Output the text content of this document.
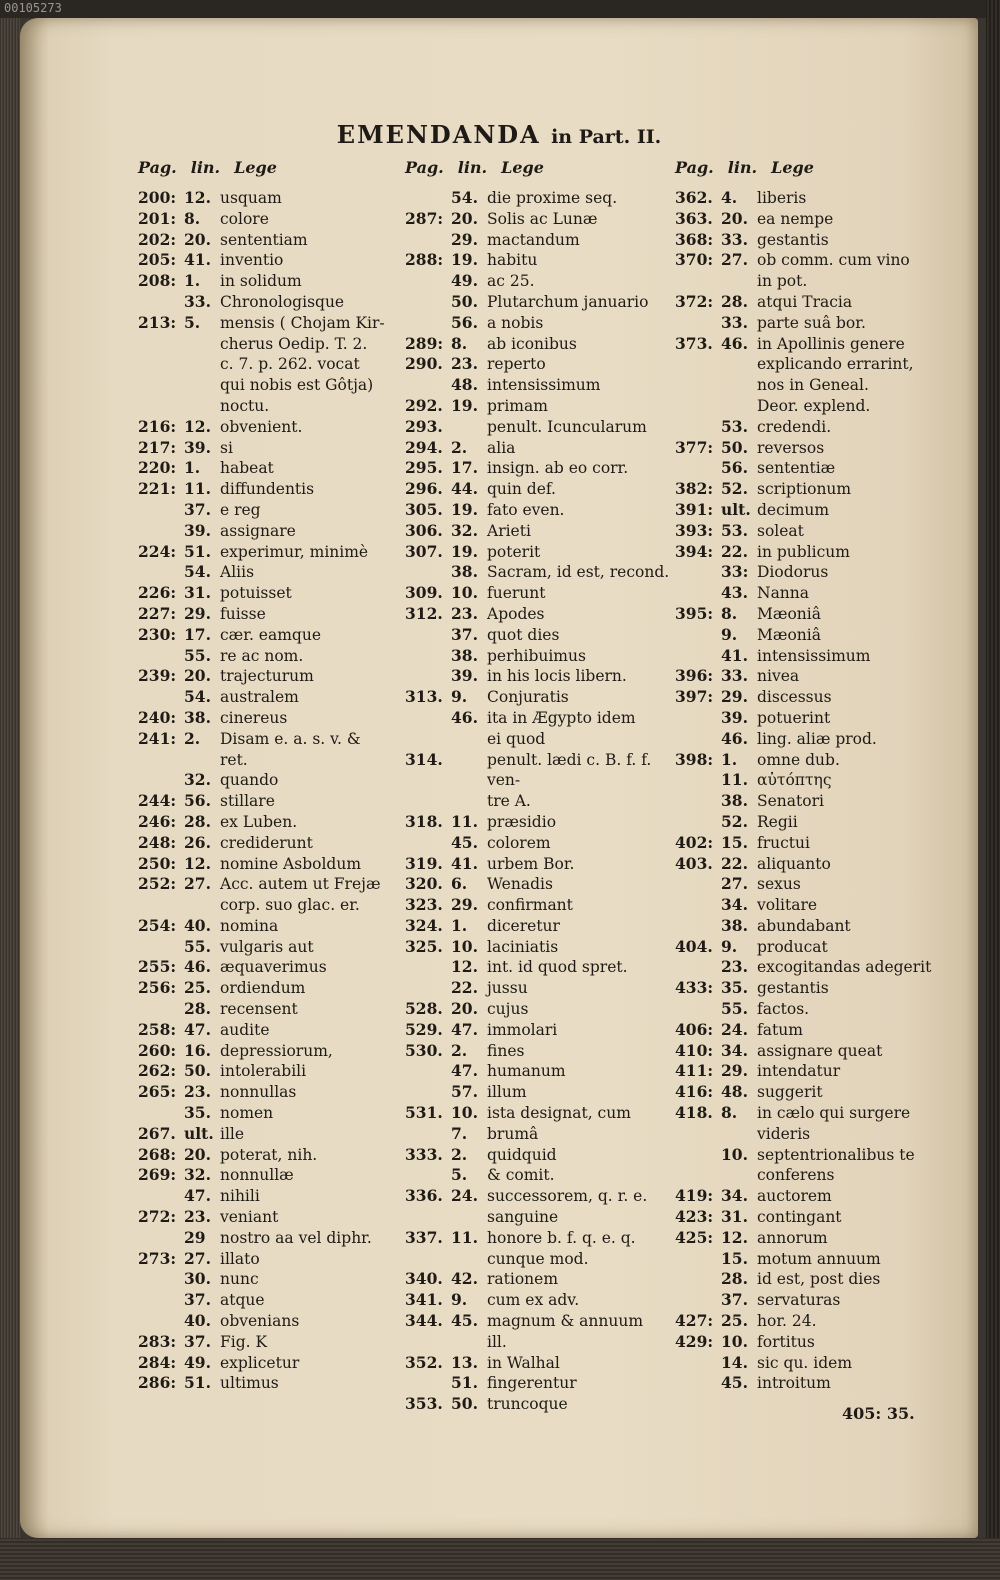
00105273
EMENDANDA in Part. II.
Pag. lin. Lege
200: 12. usquam
201: 8.	colore
202: 20. sententiam
205: 41. inventio
208: 1.	in solidum
33. Chronologisque
213: 5.	mensis ( Chojam Kir-
cherus Oedip. T. 2.
c. 7. p. 262. vocat
qui nobis est Gôtja)
noctu.
216: 12. obvenient.
217: 39. si
220: 1.	habeat
221: 11. diffundentis
37. e reg
39. assignare
224: 51. experimur, minimè
54. Aliis
226: 31. potuisset
227: 29. fuisse
230: 17. cær. eamque
55. re ac nom.
239: 20. trajecturum
54. australem
240: 38. cinereus
241: 2.	Disam e. a. s. v. &
ret.
32. quando
244: 56. stillare
246: 28. ex Luben.
248: 26. crediderunt
250: 12. nomine Asboldum
252: 27. Acc. autem ut Frejæ
corp. suo glac. er.
254: 40. nomina
55. vulgaris aut
255: 46. æquaverimus
256: 25. ordiendum
28. recensent
258: 47. audite
260: 16. depressiorum,
262: 50. intolerabili
265: 23. nonnullas
35. nomen
267. ult. ille
268: 20. poterat, nih.
269: 32. nonnullæ
47. nihili
272: 23. veniant
29 nostro aa vel diphr.
273: 27. illato
30. nunc
37. atque
40. obvenians
283: 37. Fig. K
284: 49. explicetur
286: 51. ultimus
Pag. lin. Lege
54. die proxime seq.
287: 20. Solis ac Lunæ
29. mactandum
288: 19. habitu
49. ac 25.
50. Plutarchum januario
56. a nobis
289: 8.	ab iconibus
290. 23. reperto
48. intensissimum
292. 19. primam
293.	penult. Icuncularum
294. 2.	alia
295. 17. insign. ab eo corr.
296. 44. quin def.
305. 19. fato even.
306. 32. Arieti
307. 19. poterit
38. Sacram, id est, recond.
309. 10. fuerunt
312. 23. Apodes
37. quot dies
38. perhibuimus
39. in his locis libern.
313. 9.	Conjuratis
46. ita in Ægypto idem
ei quod
314.	penult. lædi c. B. f. f. ven-
tre A.
318. 11. præsidio
45. colorem
319. 41. urbem Bor.
320. 6.	Wenadis
323. 29. confirmant
324. 1.	diceretur
325. 10. laciniatis
12. int. id quod spret.
22. jussu
528. 20. cujus
529. 47. immolari
530. 2.	fines
47. humanum
57. illum
531. 10. ista designat, cum
7.	brumâ
333. 2.	quidquid
5.	& comit.
336. 24. successorem, q. r. e.
sanguine
337. 11. honore b. f. q. e. q.
cunque mod.
340. 42. rationem
341. 9.	cum ex adv.
344. 45. magnum & annuum
ill.
352. 13. in Walhal
51. fingerentur
353. 50. truncoque
Pag. lin. Lege
362. 4.	liberis
363. 20. ea nempe
368: 33. gestantis
370: 27. ob comm. cum vino
in pot.
372: 28. atqui Tracia
33. parte suâ bor.
373. 46. in Apollinis genere
explicando errarint,
nos in Geneal.
Deor. explend.
53. credendi.
377: 50. reversos
56. sententiæ
382: 52. scriptionum
391: ult. decimum
393: 53. soleat
394: 22. in publicum
33: Diodorus
43. Nanna
395: 8.	Mæoniâ
9.	Mæoniâ
41. intensissimum
396: 33. nivea
397: 29. discessus
39. potuerint
46. ling. aliæ prod.
398: 1.	omne dub.
11. αὐτόπτης
38. Senatori
52. Regii
402: 15. fructui
403. 22. aliquanto
27. sexus
34. volitare
38. abundabant
404. 9.	producat
23. excogitandas adegerit
433: 35. gestantis
55. factos.
406: 24. fatum
410: 34. assignare queat
411: 29. intendatur
416: 48. suggerit
418. 8.	in cælo qui surgere
videris
10. septentrionalibus te
conferens
419: 34. auctorem
423: 31. contingant
425: 12. annorum
15. motum annuum
28. id est, post dies
37. servaturas
427: 25. hor. 24.
429: 10. fortitus
14. sic qu. idem
45. introitum
405: 35.
